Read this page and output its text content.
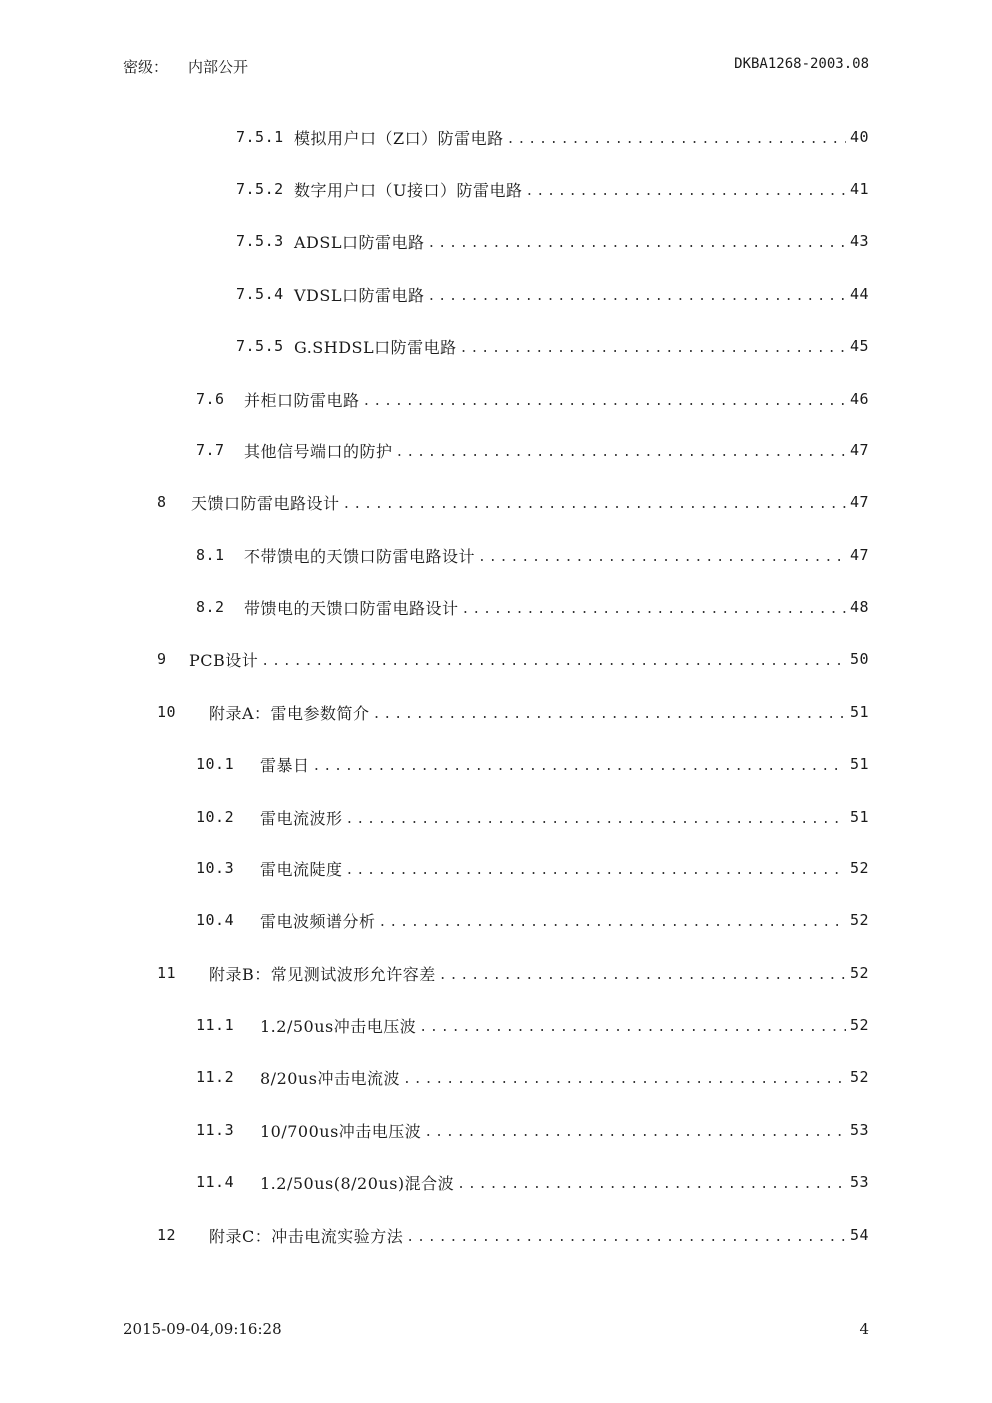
密级： 内部公开	DKBA1268-2003.08
7.5.1 模拟用户口（Z口）防雷电路 .....	40
7.5.2 数字用户口（U接口）防雷电路 .....	41
7.5.3 ADSL口防雷电路 .....	43
7.5.4 VDSL口防雷电路 .....	44
7.5.5 G.SHDSL口防雷电路 .....	45
7.6	并柜口防雷电路 .....	46
7.7	其他信号端口的防护 .....	47
8	天馈口防雷电路设计 .....	47
8.1	不带馈电的天馈口防雷电路设计 .....	47
8.2	带馈电的天馈口防雷电路设计 .....	48
9	PCB设计 .....	50
10	附录A：雷电参数简介 .....	51
10.1	雷暴日 .....	51
10.2	雷电流波形 .....	51
10.3	雷电流陡度 .....	52
10.4	雷电波频谱分析 .....	52
11	附录B：常见测试波形允许容差 .....	52
11.1	1.2/50us冲击电压波 .....	52
11.2	8/20us冲击电流波 .....	52
11.3	10/700us冲击电压波 .....	53
11.4	1.2/50us(8/20us)混合波 .....	53
12	附录C：冲击电流实验方法 .....	54
2015-09-04,09:16:28	4
